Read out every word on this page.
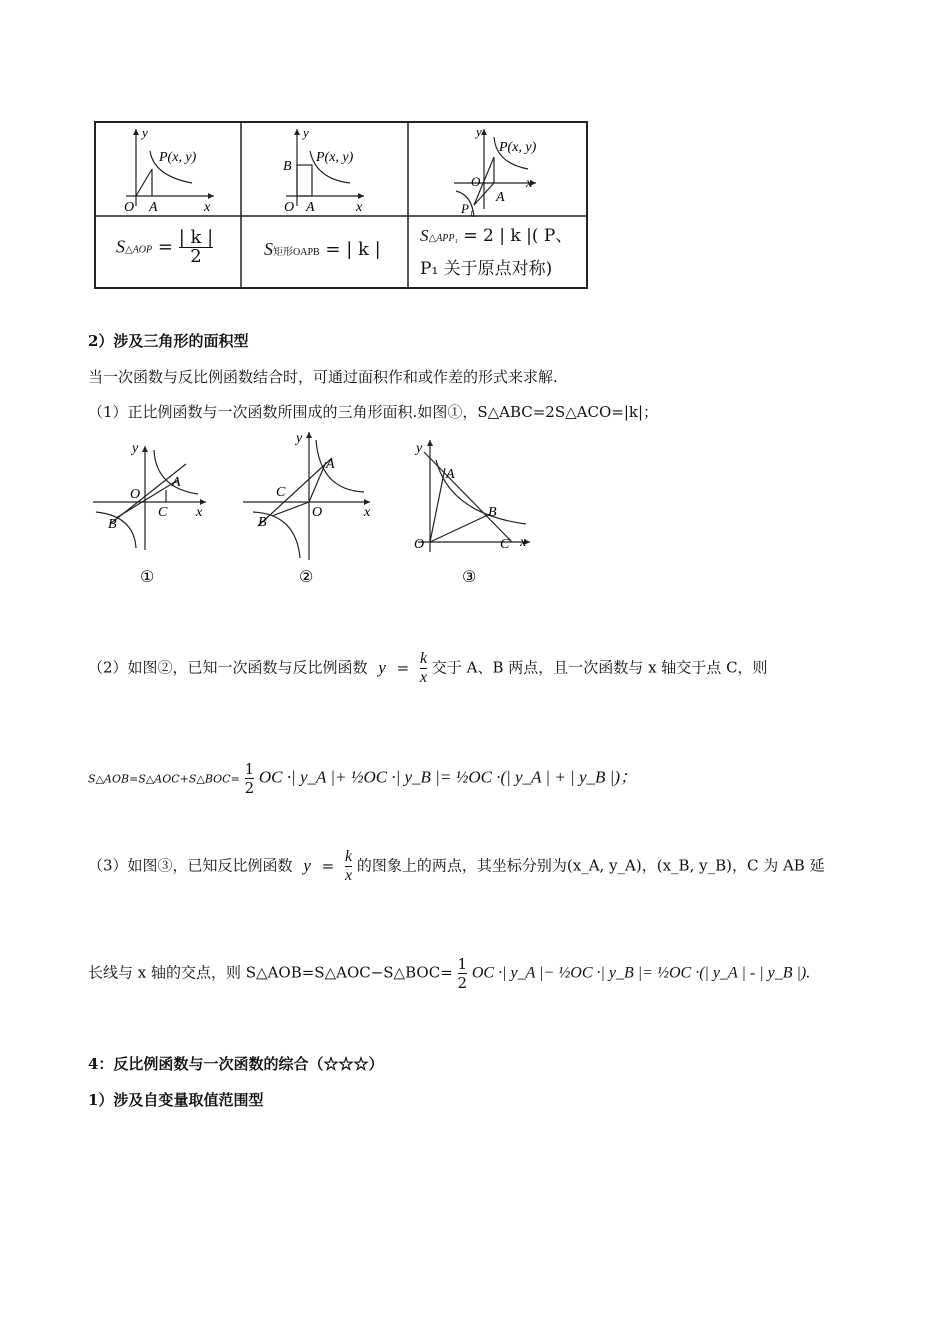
y
x
O A
P(x, y)
y
x
O A
B
P(x, y)
y
x
O
A
P₁
P(x, y)
S△AOP = $\frac{| k |}{2}$	S矩形OAPB = | k |
S△APP₁ = 2 | k |( P、
P₁ 关于原点对称)
2）涉及三角形的面积型
当一次函数与反比例函数结合时，可通过面积作和或作差的形式来求解.
（1）正比例函数与一次函数所围成的三角形面积.如图①，S△ABC=2S△ACO=|k|；
y
x
O
A
B
C
①
y
x
O
A
B
C
②
y
x
O
A
B
C
③
（2）如图②，已知一次函数与反比例函数 $y = \frac{k}{x}$ 交于 A、B 两点，且一次函数与 x 轴交于点 C，则
S△AOB=S△AOC+S△BOC= $\frac{1}{2}$ OC ·| y_A |+ ½OC ·| y_B |= ½OC ·(| y_A | + | y_B |)；
（3）如图③，已知反比例函数 $y = \frac{k}{x}$ 的图象上的两点，其坐标分别为(x_A, y_A)，(x_B, y_B)，C 为 AB 延
长线与 x 轴的交点，则 S△AOB=S△AOC−S△BOC= $\frac{1}{2}$ OC ·| y_A |− ½OC ·| y_B |= ½OC ·(| y_A | - | y_B |).
4：反比例函数与一次函数的综合（☆☆☆）
1）涉及自变量取值范围型
